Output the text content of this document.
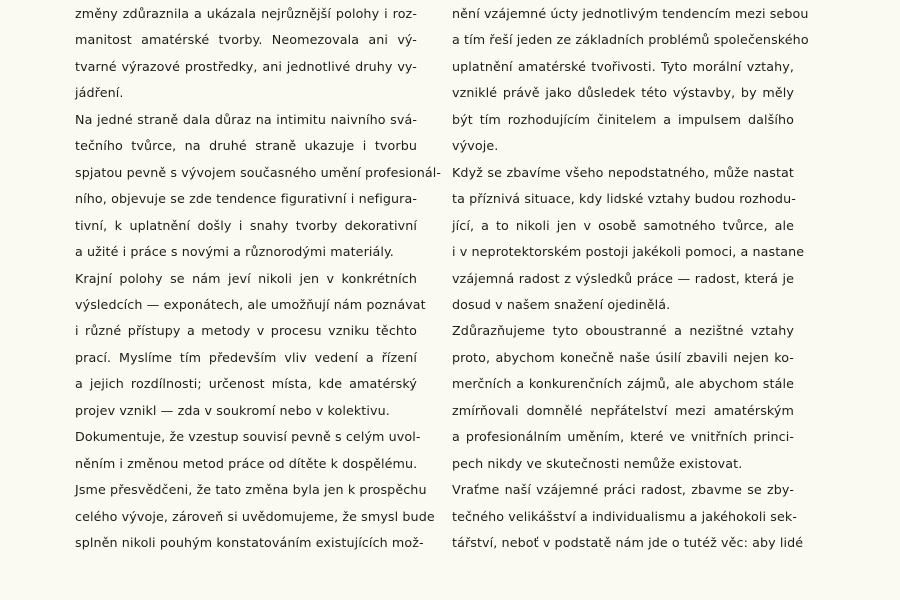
změny zdůraznila a ukázala nejrůznější polohy i roz-
manitost amatérské tvorby. Neomezovala ani vý-
tvarné výrazové prostředky, ani jednotlivé druhy vy-
jádření.
Na jedné straně dala důraz na intimitu naivního svá-
tečního tvůrce, na druhé straně ukazuje i tvorbu
spjatou pevně s vývojem současného umění profesionál-
ního, objevuje se zde tendence figurativní i nefigura-
tivní, k uplatnění došly i snahy tvorby dekorativní
a užité i práce s novými a různorodými materiály.
Krajní polohy se nám jeví nikoli jen v konkrétních
výsledcích — exponátech, ale umožňují nám poznávat
i různé přístupy a metody v procesu vzniku těchto
prací. Myslíme tím především vliv vedení a řízení
a jejich rozdílnosti; určenost místa, kde amatérský
projev vznikl — zda v soukromí nebo v kolektivu.
Dokumentuje, že vzestup souvisí pevně s celým uvol-
něním i změnou metod práce od dítěte k dospělému.
Jsme přesvědčeni, že tato změna byla jen k prospěchu
celého vývoje, zároveň si uvědomujeme, že smysl bude
splněn nikoli pouhým konstatováním existujících mož-
nění vzájemné úcty jednotlivým tendencím mezi sebou
a tím řeší jeden ze základních problémů společenského
uplatnění amatérské tvořivosti. Tyto morální vztahy,
vzniklé právě jako důsledek této výstavby, by měly
být tím rozhodujícím činitelem a impulsem dalšího
vývoje.
Když se zbavíme všeho nepodstatného, může nastat
ta příznivá situace, kdy lidské vztahy budou rozhodu-
jící, a to nikoli jen v osobě samotného tvůrce, ale
i v neprotektorském postoji jakékoli pomoci, a nastane
vzájemná radost z výsledků práce — radost, která je
dosud v našem snažení ojedinělá.
Zdůrazňujeme tyto oboustranné a nezištné vztahy
proto, abychom konečně naše úsilí zbavili nejen ko-
merčních a konkurenčních zájmů, ale abychom stále
zmírňovali domnělé nepřátelství mezi amatérským
a profesionálním uměním, které ve vnitřních princi-
pech nikdy ve skutečnosti nemůže existovat.
Vraťme naší vzájemné práci radost, zbavme se zby-
tečného velikášství a individualismu a jakéhokoli sek-
tářství, neboť v podstatě nám jde o tutéž věc: aby lidé
